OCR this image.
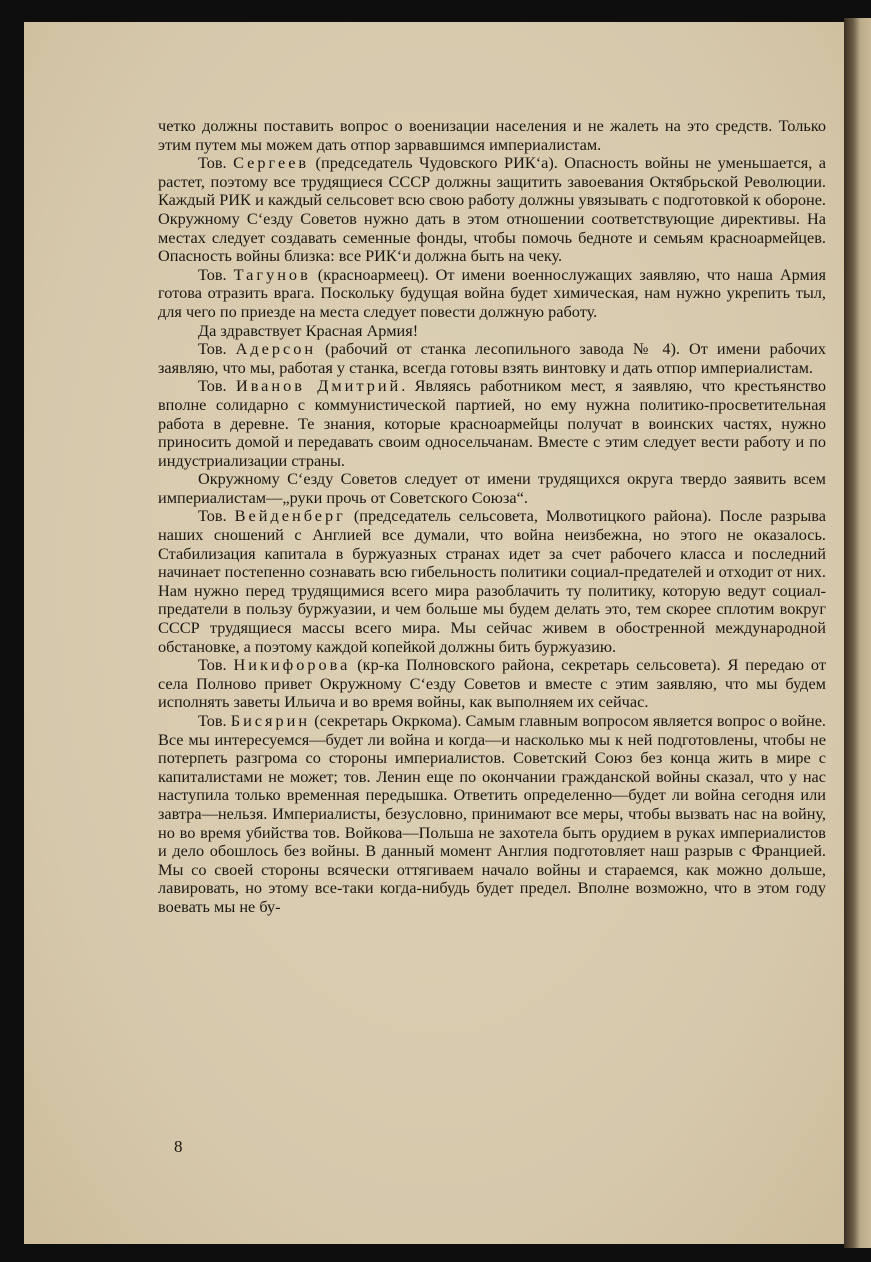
четко должны поставить вопрос о военизации населения и не жалеть на это средств. Только этим путем мы можем дать отпор зарвавшимся империалистам.

Тов. Сергеев (председатель Чудовского РИК‘а). Опасность войны не уменьшается, а растет, поэтому все трудящиеся СССР должны защитить завоевания Октябрьской Революции. Каждый РИК и каждый сельсовет всю свою работу должны увязывать с подготовкой к обороне. Окружному С‘езду Советов нужно дать в этом отношении соответствующие директивы. На местах следует создавать семенные фонды, чтобы помочь бедноте и семьям красноармейцев. Опасность войны близка: все РИК‘и должна быть на чеку.

Тов. Тагунов (красноармеец). От имени военнослужащих заявляю, что наша Армия готова отразить врага. Поскольку будущая война будет химическая, нам нужно укрепить тыл, для чего по приезде на места следует повести должную работу.

Да здравствует Красная Армия!

Тов. Адерсон (рабочий от станка лесопильного завода № 4). От имени рабочих заявляю, что мы, работая у станка, всегда готовы взять винтовку и дать отпор империалистам.

Тов. Иванов Дмитрий. Являясь работником мест, я заявляю, что крестьянство вполне солидарно с коммунистической партией, но ему нужна политико-просветительная работа в деревне. Те знания, которые красноармейцы получат в воинских частях, нужно приносить домой и передавать своим односельчанам. Вместе с этим следует вести работу и по индустриализации страны.

Окружному С‘езду Советов следует от имени трудящихся округа твердо заявить всем империалистам—„руки прочь от Советского Союза“.

Тов. Вейденберг (председатель сельсовета, Молвотицкого района). После разрыва наших сношений с Англией все думали, что война неизбежна, но этого не оказалось. Стабилизация капитала в буржуазных странах идет за счет рабочего класса и последний начинает постепенно сознавать всю гибельность политики социал-предателей и отходит от них. Нам нужно перед трудящимися всего мира разоблачить ту политику, которую ведут социал-предатели в пользу буржуазии, и чем больше мы будем делать это, тем скорее сплотим вокруг СССР трудящиеся массы всего мира. Мы сейчас живем в обостренной международной обстановке, а поэтому каждой копейкой должны бить буржуазию.

Тов. Никифорова (кр-ка Полновского района, секретарь сельсовета). Я передаю от села Полново привет Окружному С‘езду Советов и вместе с этим заявляю, что мы будем исполнять заветы Ильича и во время войны, как выполняем их сейчас.

Тов. Бисярин (секретарь Окркома). Самым главным вопросом является вопрос о войне. Все мы интересуемся—будет ли война и когда—и насколько мы к ней подготовлены, чтобы не потерпеть разгрома со стороны империалистов. Советский Союз без конца жить в мире с капиталистами не может; тов. Ленин еще по окончании гражданской войны сказал, что у нас наступила только временная передышка. Ответить определенно—будет ли война сегодня или завтра—нельзя. Империалисты, безусловно, принимают все меры, чтобы вызвать нас на войну, но во время убийства тов. Войкова—Польша не захотела быть орудием в руках империалистов и дело обошлось без войны. В данный момент Англия подготовляет наш разрыв с Францией. Мы со своей стороны всячески оттягиваем начало войны и стараемся, как можно дольше, лавировать, но этому все-таки когда-нибудь будет предел. Вполне возможно, что в этом году воевать мы не бу-

8
